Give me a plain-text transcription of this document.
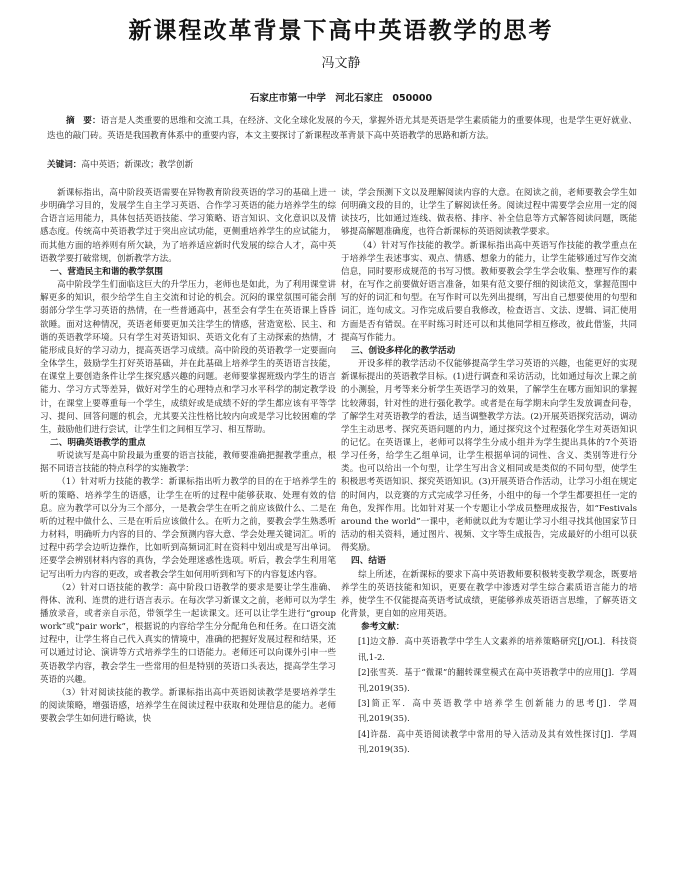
新课程改革背景下高中英语教学的思考
冯文静
石家庄市第一中学　河北石家庄　050000
摘　要：语言是人类重要的思维和交流工具，在经济、文化全球化发展的今天，掌握外语尤其是英语是学生素质能力的重要体现，也是学生更好就业、迭也的敲门砖。英语是我国教育体系中的重要内容，本文主要探讨了新课程改革背景下高中英语教学的思路和新方法。
关键词：高中英语；新课改；教学创新

新课标指出，高中阶段英语需要在异物教育阶段英语的学习的基础上进一步明确学习目的，发展学生自主学习英语、合作学习英语的能力培养学生的综合语言运用能力，具体包括英语技能、学习策略、语言知识、文化意识以及情感态度。传统高中英语教学过于突出应试功能，更侧重培养学生的应试能力，而其他方面的培养则有所欠缺，为了培养适应新时代发展的综合人才，高中英语教学要打破常规，创新教学方法。

一、营造民主和谐的教学氛围

高中阶段学生们面临这巨大的升学压力，老师也是如此，为了利用课堂讲解更多的知识，很少给学生自主交流和讨论的机会。沉闷的课堂氛围可能会削弱部分学生学习英语的热情，在一些普通高中，甚至会有学生在英语课上昏昏欲睡。面对这种情况，英语老师要更加关注学生的情感，营造宽松、民主、和谐的英语教学环境。只有学生对英语知识、英语文化有了主动探索的热情，才能形成良好的学习动力，提高英语学习成绩。高中阶段的英语教学一定要面向全体学生，鼓励学生打好英语基础，并在此基础上培养学生的英语语言技能，在课堂上要创造条件让学生探究感兴趣的问题。老师要掌握班级内学生的语言能力、学习方式等差异，做好对学生的心理特点和学习水平科学的制定教学设计，在课堂上要尊重每一个学生，成绩好或是成绩不好的学生都应该有平等学习、提问、回答问题的机会，尤其要关注性格比较内向或是学习比较困难的学生，鼓励他们进行尝试，让学生们之间相互学习、相互帮助。

二、明确英语教学的重点

听说读写是高中阶段最为重要的语言技能，教师要准确把握教学重点，根据不同语言技能的特点科学的实施教学：

（1）针对听力技能的教学：新课标指出听力教学的目的在于培养学生的听的策略、培养学生的语感，让学生在听的过程中能够获取、处理有效的信息。应为教学可以分为三个部分，一是教会学生在听之前应该做什么、二是在听的过程中做什么、三是在听后应该做什么。在听力之前，要教会学生熟悉听力材料，明确听力内容的目的、学会预测内容大意、学会处理关键词汇。听的过程中药学会边听边操作，比如听到高频词汇时在资料中划出或是写出单词。还要学会辨别材料内容的真伪，学会处理迷惑性选项。听后，教会学生利用笔记写出听力内容的更改，或者教会学生如何用听到和写下的内容复述内容。

（2）针对口语技能的教学：高中阶段口语教学的要求是要让学生准确、得体、流利、连贯的进行语言表示。在每次学习新课文之前，老师可以为学生播放录音，或者亲自示范，带领学生一起读课文。还可以让学生进行“group work”或“pair work”，根据说的内容给学生分分配角色和任务。在口语交流过程中，让学生将自己代入真实的情境中，准确的把握好发展过程和结果，还可以通过讨论、演讲等方式培养学生的口语能力。老师还可以向课外引申一些英语教学内容，教会学生一些常用的但是特别的英语口头表达，提高学生学习英语的兴趣。

（3）针对阅读技能的教学。新课标指出高中英语阅读教学是要培养学生的阅读策略，增强语感，培养学生在阅读过程中获取和处理信息的能力。老师要教会学生如何进行略读，快

读，学会预测下文以及理解阅读内容的大意。在阅读之前，老师要教会学生如何明确文段的目的，让学生了解阅读任务。阅读过程中需要学会应用一定的阅读技巧，比如通过连线、做表格、排序、补全信息等方式解答阅读问题，既能够提高解题准确度，也符合新课标的英语阅读教学要求。

（4）针对写作技能的教学。新课标指出高中英语写作技能的教学重点在于培养学生表述事实、观点、情感、想象力的能力，让学生能够通过写作交流信息，同时要形成规范的书写习惯。教师要教会学生学会收集、整理写作的素材，在写作之前要做好语言准备，如果有范文要仔细的阅读范文，掌握范围中写的好的词汇和句型。在写作时可以先列出提纲，写出自己想要使用的句型和词汇，连句成文。习作完成后要自我修改，检查语言、文法、逻辑、词汇使用方面是否有错误。在平时练习时还可以和其他同学相互修改，彼此借鉴，共同提高写作能力。

三、创设多样化的教学活动

开设多样的教学活动不仅能够提高学生学习英语的兴趣，也能更好的实现新课标提出的英语教学目标。(1)进行调查和采访活动，比如通过每次上课之前的小测验，月考等来分析学生英语学习的效果，了解学生在哪方面知识的掌握比较薄弱，针对性的进行强化教学。或者是在每学期末向学生发放调查问卷，了解学生对英语教学的看法，适当调整教学方法。(2)开展英语探究活动，调动学生主动思考、探究英语问题的内力，通过探究这个过程强化学生对英语知识的记忆。在英语课上，老师可以将学生分成小组并为学生提出具体的7个英语学习任务，给学生乙组单词，让学生根据单词的词性、含义、类别等进行分类。也可以给出一个句型，让学生写出含义相同或是类似的不同句型，使学生积极思考英语知识、探究英语知识。(3)开展英语合作活动，让学习小组在规定的时间内，以竞赛的方式完成学习任务，小组中的每一个学生都要担任一定的角色，发挥作用。比如针对某一个专题让小学成员整理成报告，如“Festivals around the world”一课中，老师就以此为专题让学习小组寻找其他国家节日活动的相关资料，通过图片、视频、文字等生成报告，完成最好的小组可以获得奖励。

四、结语

综上所述，在新课标的要求下高中英语教师要积极转变教学观念，既要培养学生的英语技能和知识，更要在教学中渗透对学生综合素质语言能力的培养，使学生不仅能提高英语考试成绩，更能够养成英语语言思维，了解英语文化背景，更自如的应用英语。

参考文献：

[1]边文静．高中英语教学中学生人文素养的培养策略研究[J/OL]．科技资讯,1-2.

[2]张雪英．基于“微课”的翻转课堂模式在高中英语教学中的应用[J]．学周刊,2019(35).

[3]简正军．高中英语教学中培养学生创新能力的思考[J]．学周刊,2019(35).

[4]许磊．高中英语阅读教学中常用的导入活动及其有效性探讨[J]．学周刊,2019(35).
